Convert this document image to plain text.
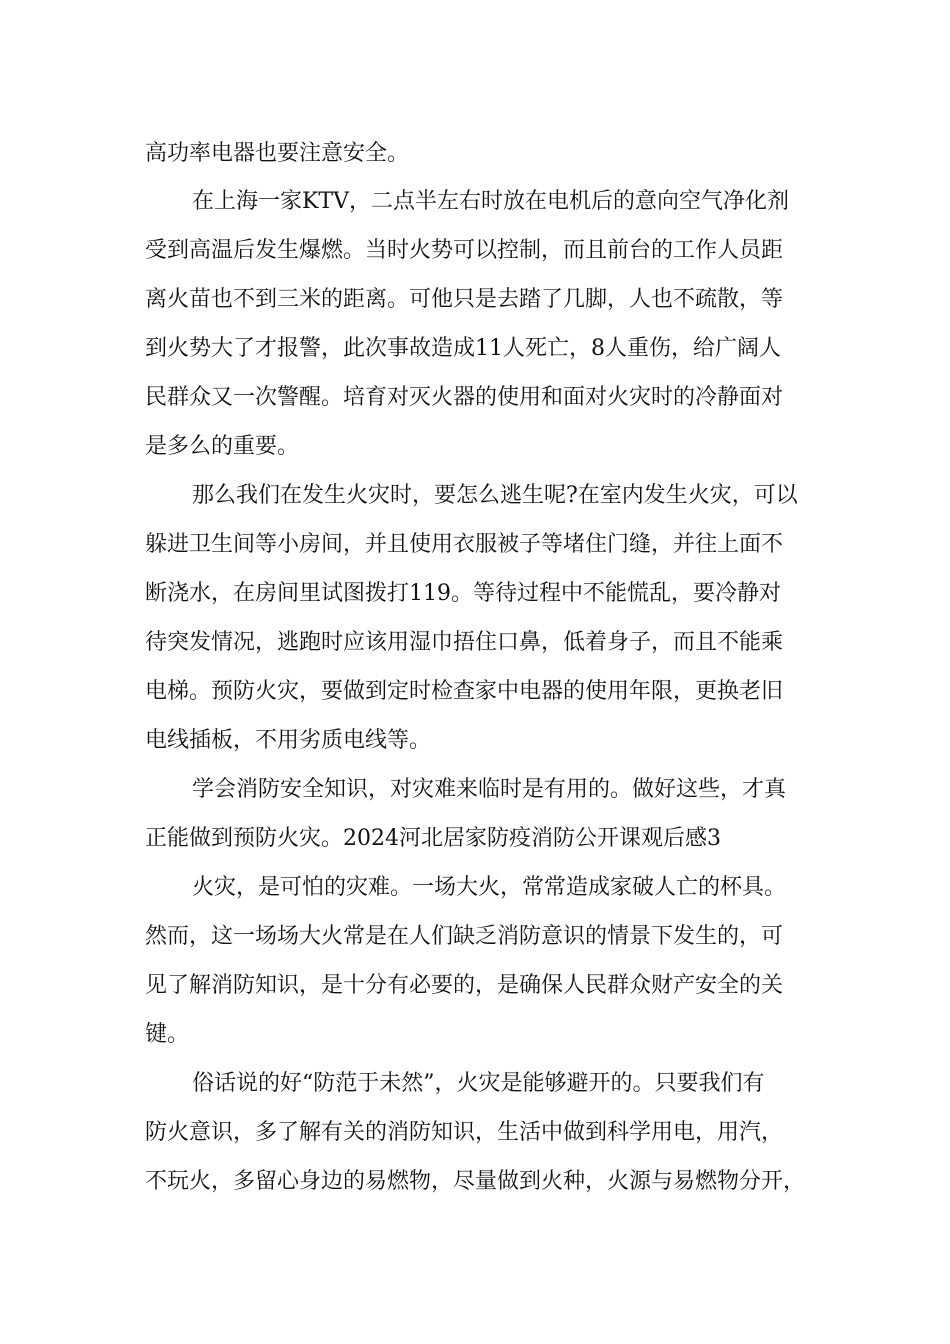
高功率电器也要注意安全。
在上海一家KTV，二点半左右时放在电机后的意向空气净化剂
受到高温后发生爆燃。当时火势可以控制，而且前台的工作人员距
离火苗也不到三米的距离。可他只是去踏了几脚，人也不疏散，等
到火势大了才报警，此次事故造成11人死亡，8人重伤，给广阔人
民群众又一次警醒。培育对灭火器的使用和面对火灾时的冷静面对
是多么的重要。
那么我们在发生火灾时，要怎么逃生呢?在室内发生火灾，可以
躲进卫生间等小房间，并且使用衣服被子等堵住门缝，并往上面不
断浇水，在房间里试图拨打119。等待过程中不能慌乱，要冷静对
待突发情况，逃跑时应该用湿巾捂住口鼻，低着身子，而且不能乘
电梯。预防火灾，要做到定时检查家中电器的使用年限，更换老旧
电线插板，不用劣质电线等。
学会消防安全知识，对灾难来临时是有用的。做好这些，才真
正能做到预防火灾。2024河北居家防疫消防公开课观后感3
火灾，是可怕的灾难。一场大火，常常造成家破人亡的杯具。
然而，这一场场大火常是在人们缺乏消防意识的情景下发生的，可
见了解消防知识，是十分有必要的，是确保人民群众财产安全的关
键。
俗话说的好“防范于未然”，火灾是能够避开的。只要我们有
防火意识，多了解有关的消防知识，生活中做到科学用电，用汽，
不玩火，多留心身边的易燃物，尽量做到火种，火源与易燃物分开，
